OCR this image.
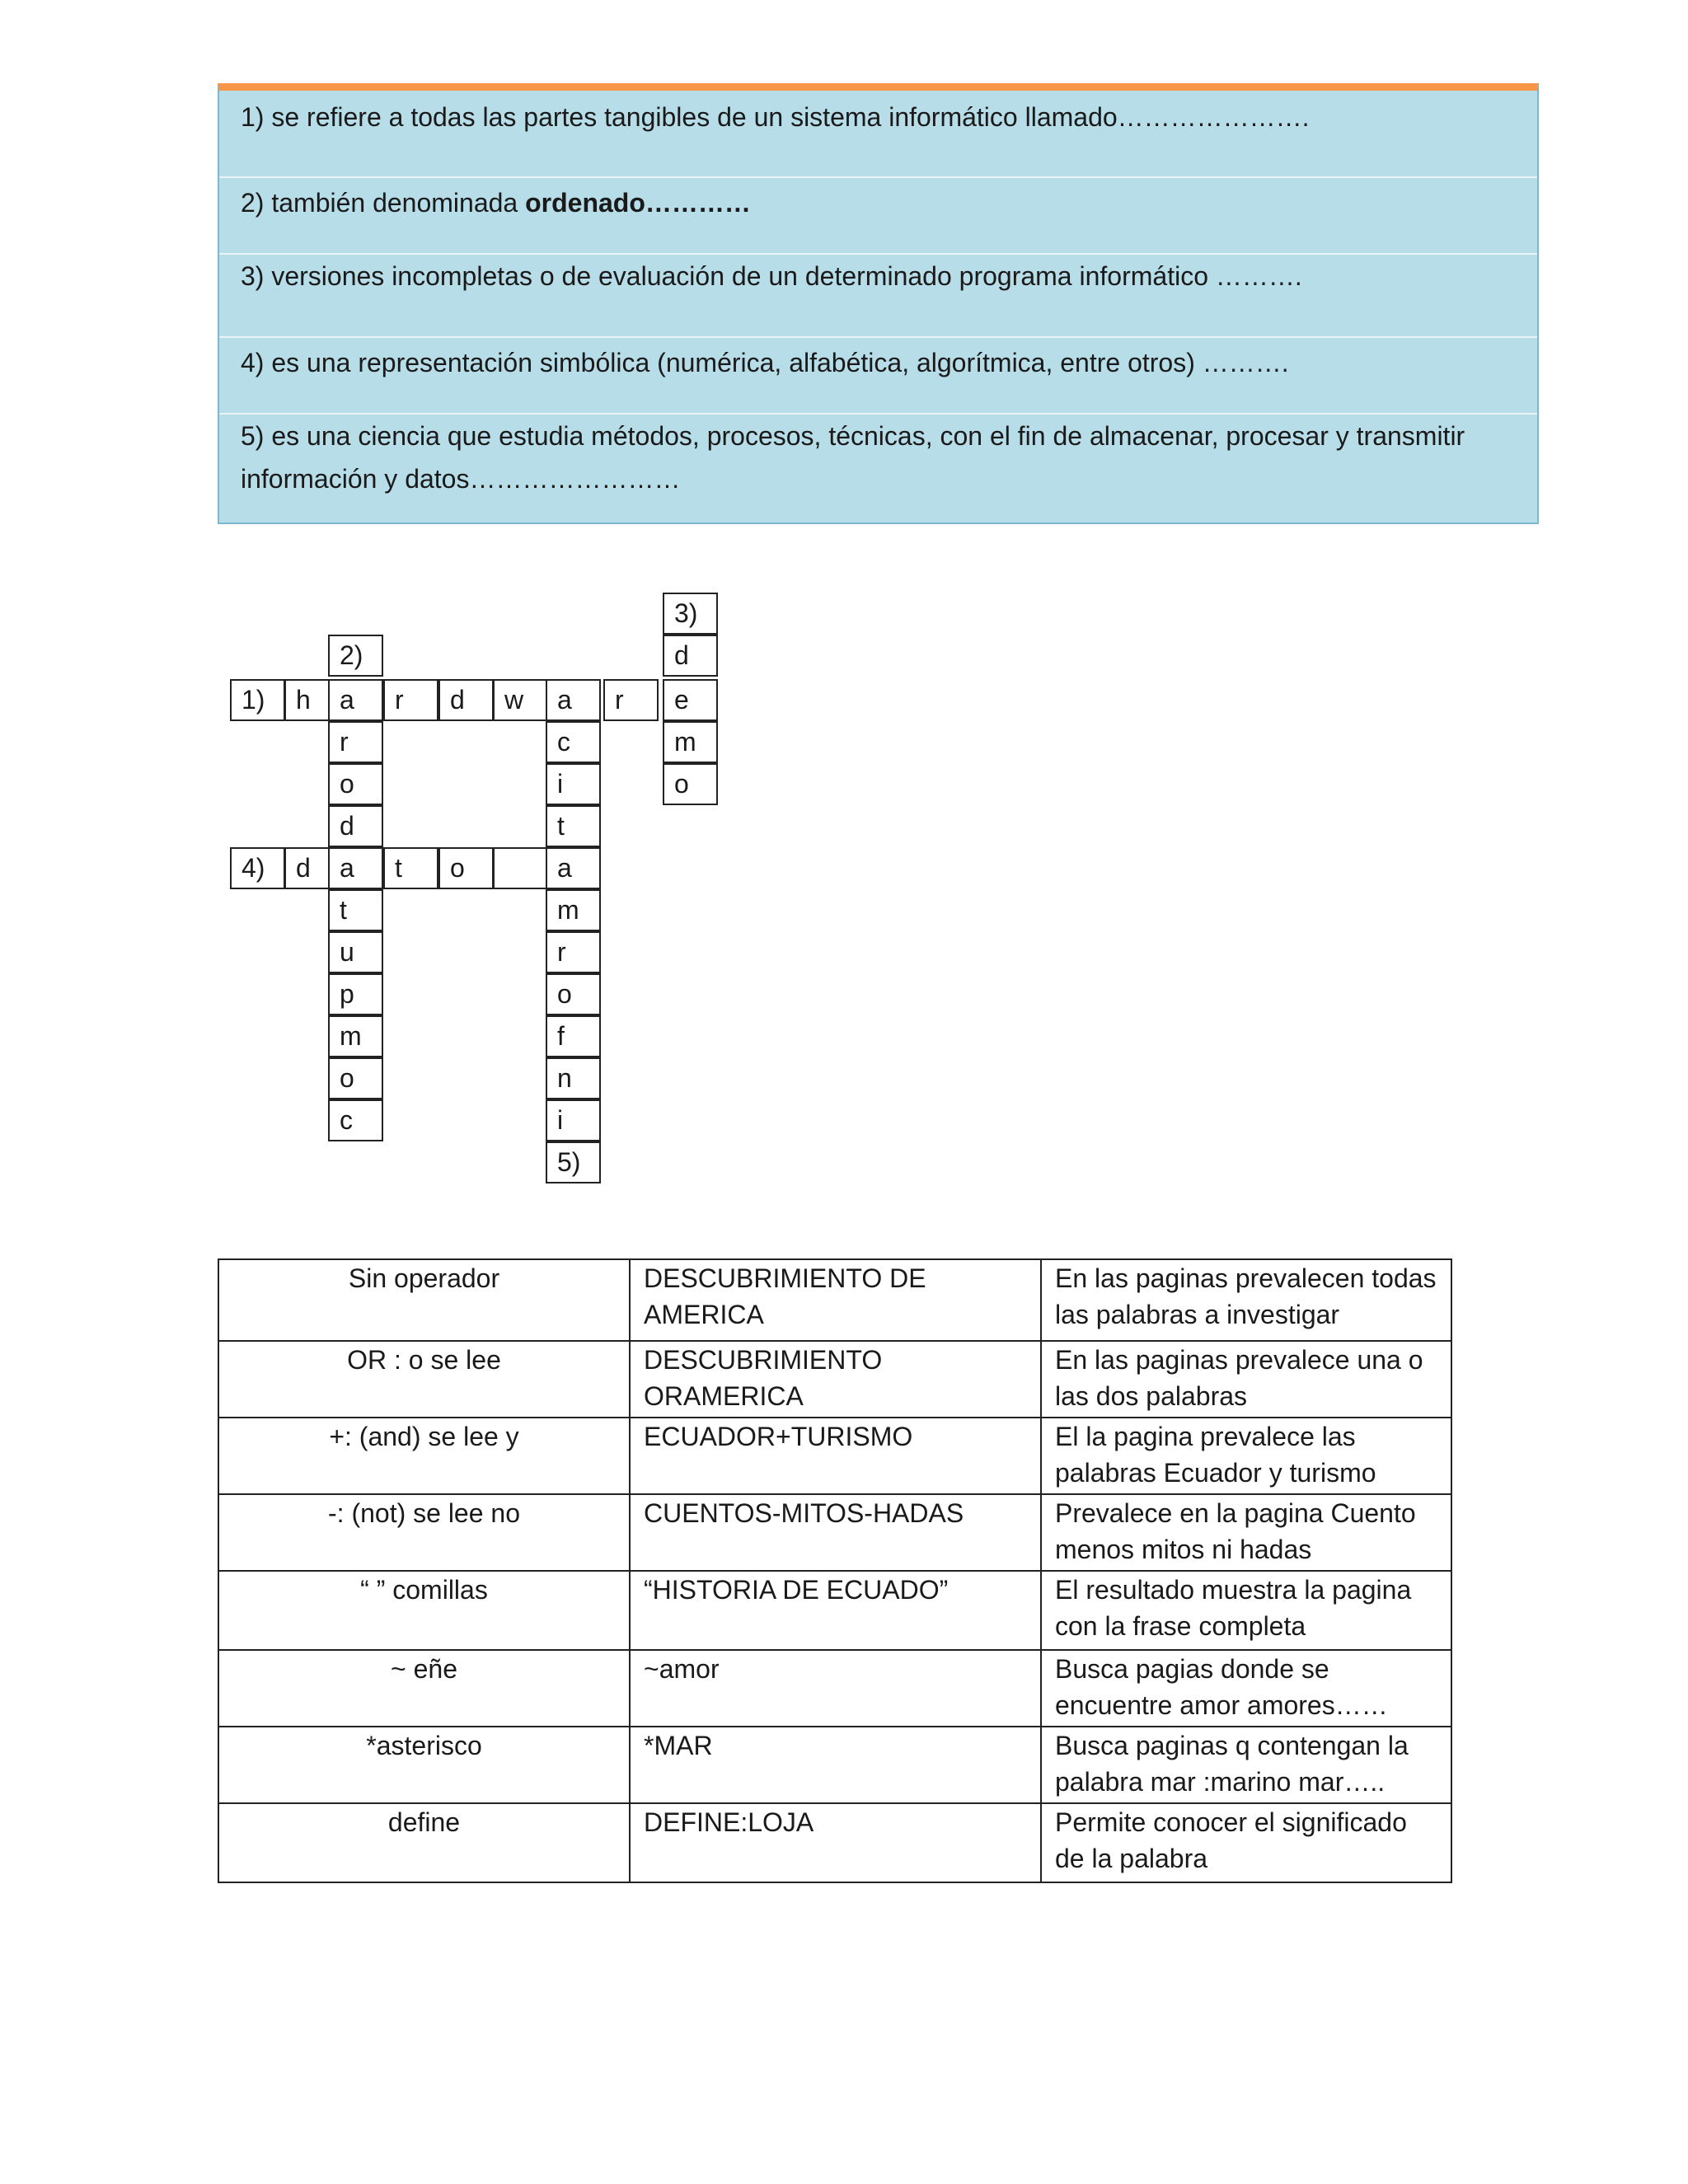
1) se refiere a todas las partes tangibles de un sistema informático llamado………………….
2) también denominada ordenado…………
3) versiones incompletas o de evaluación de un determinado programa informático ……….
4) es una representación simbólica (numérica, alfabética, algorítmica, entre otros) ……….
5) es una ciencia que estudia métodos, procesos, técnicas, con el fin de almacenar, procesar y transmitir
información y datos……………………
1)	h	a	r	d	w	a	r	e
2)
r
o
d
t
u
p
m
o
c
4)	d	a	t	o
c
i
t
a
m
r
o
f
n
i
5)
3)
d
m
o
Sin operador	DESCUBRIMIENTO DE AMERICA	En las paginas prevalecen todas las palabras a investigar
OR : o se lee	DESCUBRIMIENTO ORAMERICA	En las paginas prevalece una o las dos palabras
+: (and) se lee y	ECUADOR+TURISMO	El la pagina prevalece las palabras Ecuador y turismo
-: (not) se lee no	CUENTOS-MITOS-HADAS	Prevalece en la pagina Cuento menos mitos ni hadas
“ ” comillas	“HISTORIA DE ECUADO”	El resultado muestra la pagina con la frase completa
~ eñe	~amor	Busca pagias donde se encuentre amor amores……
*asterisco	*MAR	Busca paginas q contengan la palabra mar :marino mar…..
define	DEFINE:LOJA	Permite conocer el significado de la palabra
